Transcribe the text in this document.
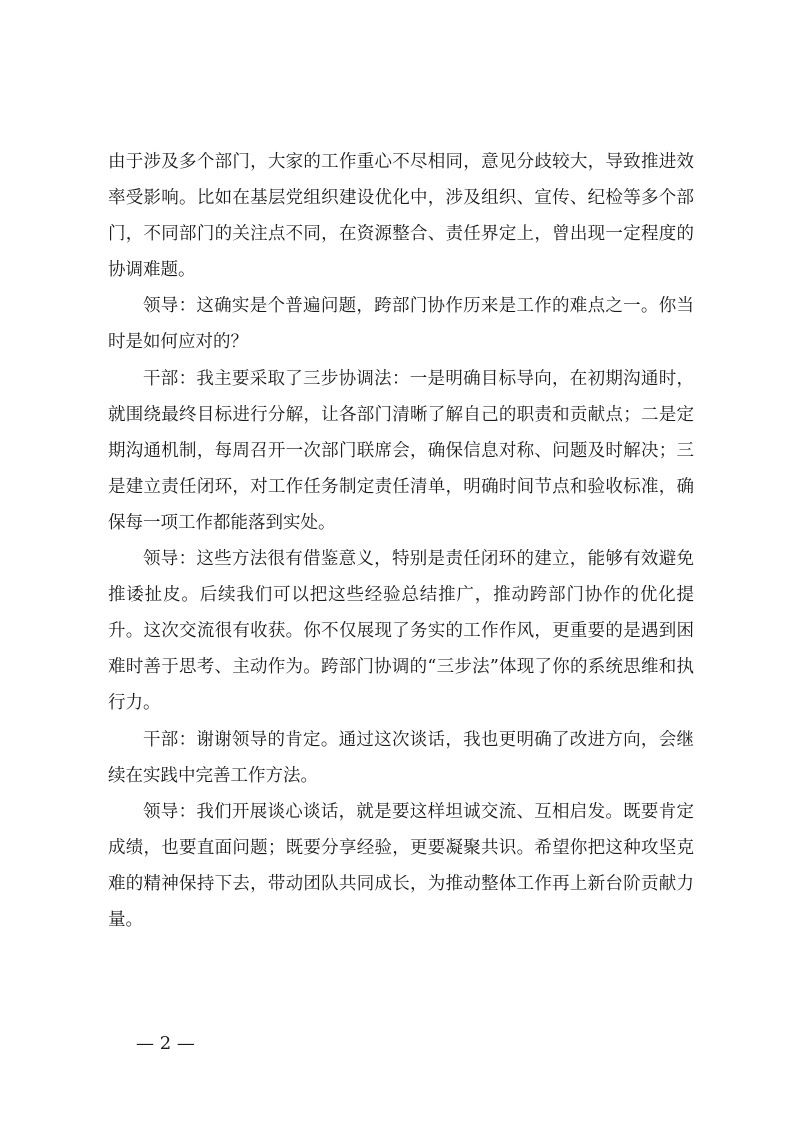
由于涉及多个部门，大家的工作重心不尽相同，意见分歧较大，导致推进效率受影响。比如在基层党组织建设优化中，涉及组织、宣传、纪检等多个部门，不同部门的关注点不同，在资源整合、责任界定上，曾出现一定程度的协调难题。

领导：这确实是个普遍问题，跨部门协作历来是工作的难点之一。你当时是如何应对的？

干部：我主要采取了三步协调法：一是明确目标导向，在初期沟通时，就围绕最终目标进行分解，让各部门清晰了解自己的职责和贡献点；二是定期沟通机制，每周召开一次部门联席会，确保信息对称、问题及时解决；三是建立责任闭环，对工作任务制定责任清单，明确时间节点和验收标准，确保每一项工作都能落到实处。

领导：这些方法很有借鉴意义，特别是责任闭环的建立，能够有效避免推诿扯皮。后续我们可以把这些经验总结推广，推动跨部门协作的优化提升。这次交流很有收获。你不仅展现了务实的工作作风，更重要的是遇到困难时善于思考、主动作为。跨部门协调的“三步法”体现了你的系统思维和执行力。

干部：谢谢领导的肯定。通过这次谈话，我也更明确了改进方向，会继续在实践中完善工作方法。

领导：我们开展谈心谈话，就是要这样坦诚交流、互相启发。既要肯定成绩，也要直面问题；既要分享经验，更要凝聚共识。希望你把这种攻坚克难的精神保持下去，带动团队共同成长，为推动整体工作再上新台阶贡献力量。

— 2 —
